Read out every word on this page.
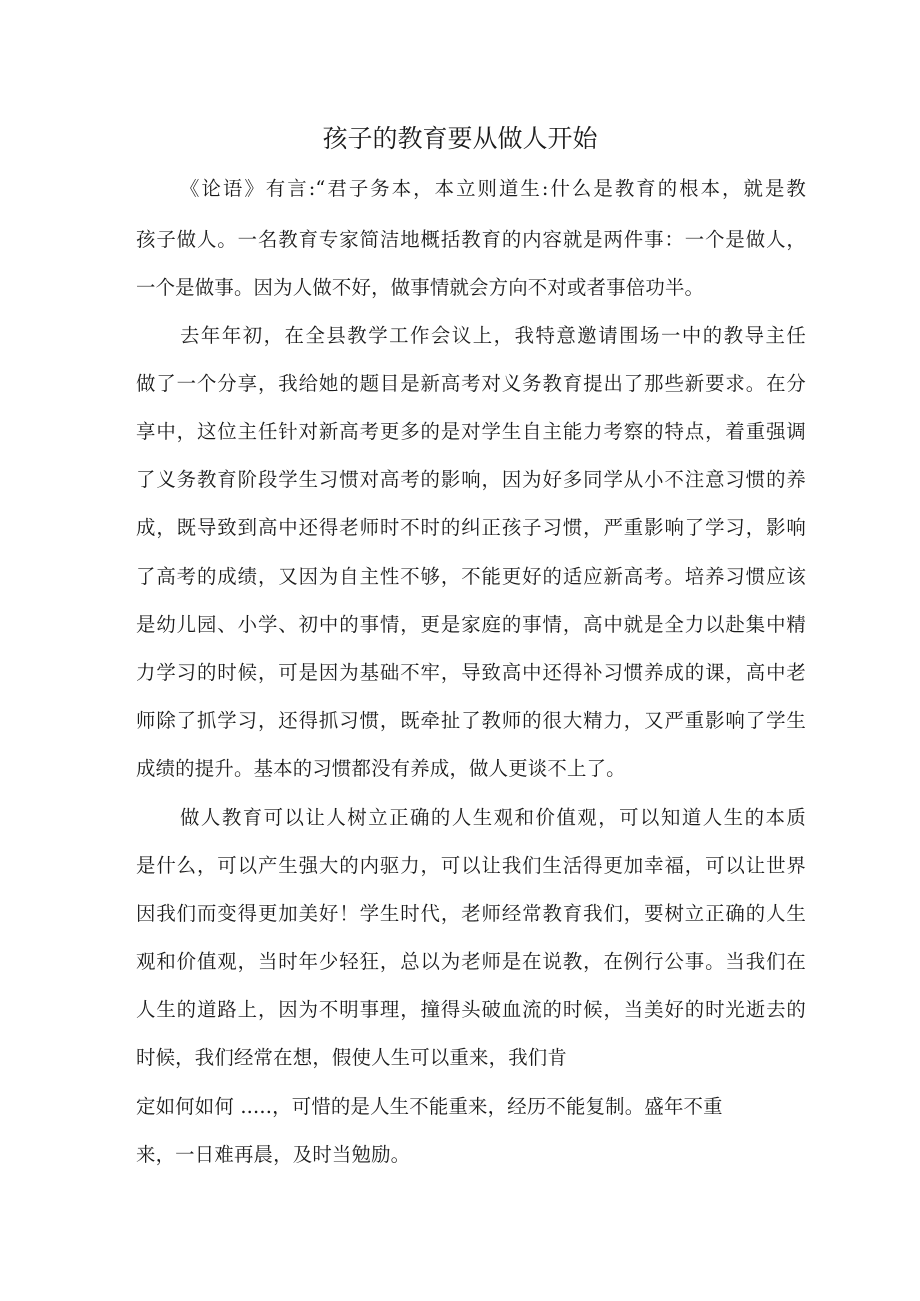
孩子的教育要从做人开始
《论语》有言:“君子务本，本立则道生:什么是教育的根本，就是教
孩子做人。一名教育专家简洁地概括教育的内容就是两件事：一个是做人，
一个是做事。因为人做不好，做事情就会方向不对或者事倍功半。
去年年初，在全县教学工作会议上，我特意邀请围场一中的教导主任
做了一个分享，我给她的题目是新高考对义务教育提出了那些新要求。在分
享中，这位主任针对新高考更多的是对学生自主能力考察的特点，着重强调
了义务教育阶段学生习惯对高考的影响，因为好多同学从小不注意习惯的养
成，既导致到高中还得老师时不时的纠正孩子习惯，严重影响了学习，影响
了高考的成绩，又因为自主性不够，不能更好的适应新高考。培养习惯应该
是幼儿园、小学、初中的事情，更是家庭的事情，高中就是全力以赴集中精
力学习的时候，可是因为基础不牢，导致高中还得补习惯养成的课，高中老
师除了抓学习，还得抓习惯，既牵扯了教师的很大精力，又严重影响了学生
成绩的提升。基本的习惯都没有养成，做人更谈不上了。
做人教育可以让人树立正确的人生观和价值观，可以知道人生的本质
是什么，可以产生强大的内驱力，可以让我们生活得更加幸福，可以让世界
因我们而变得更加美好！学生时代，老师经常教育我们，要树立正确的人生
观和价值观，当时年少轻狂，总以为老师是在说教，在例行公事。当我们在
人生的道路上，因为不明事理，撞得头破血流的时候，当美好的时光逝去的
时候，我们经常在想，假使人生可以重来，我们肯
定如何如何 .....，可惜的是人生不能重来，经历不能复制。盛年不重
来，一日难再晨，及时当勉励。
